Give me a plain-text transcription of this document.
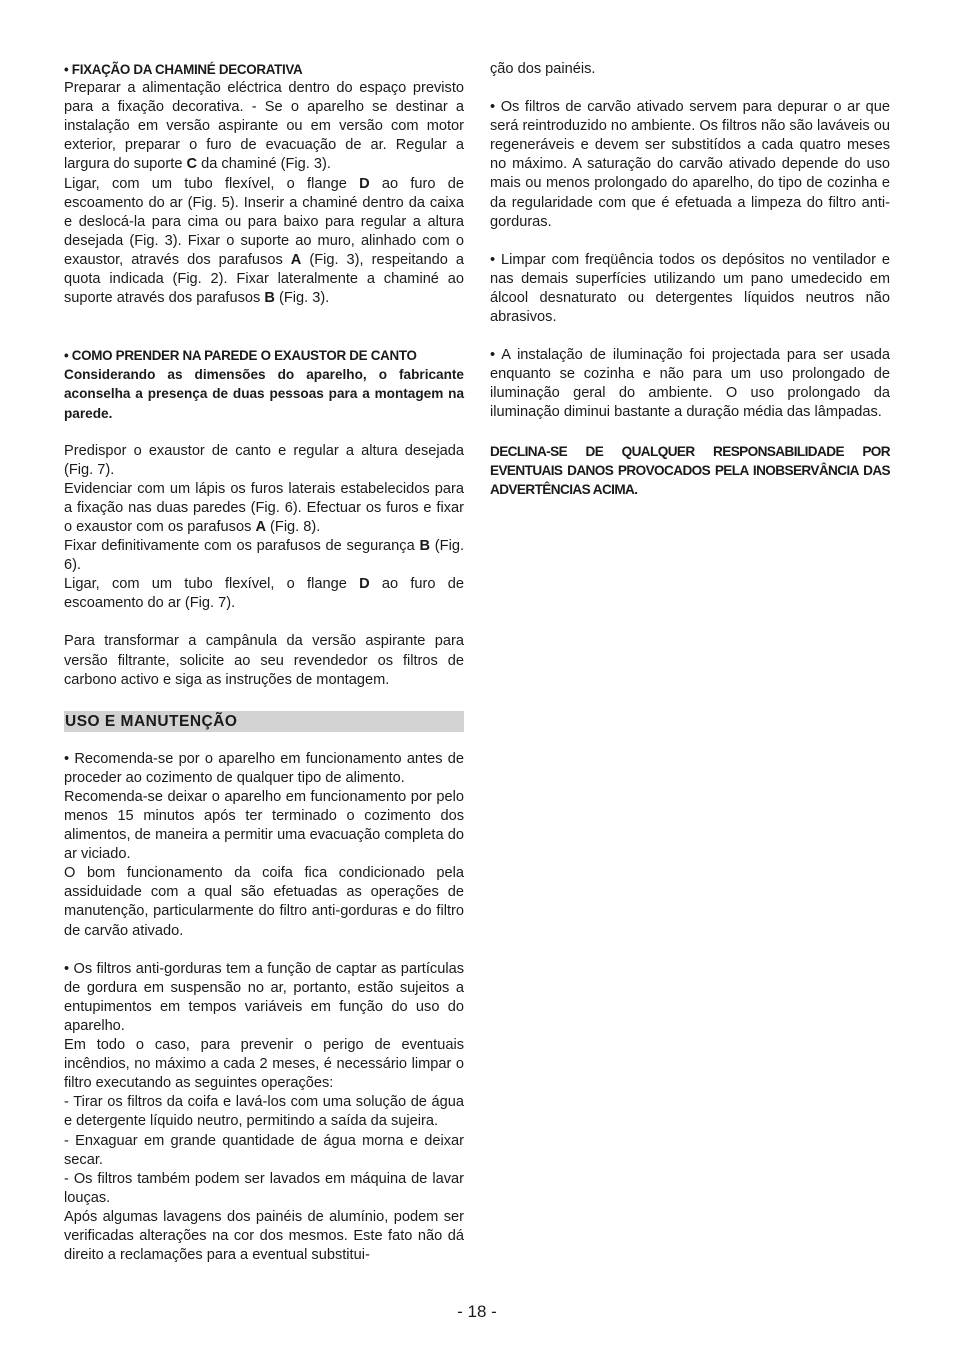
• FIXAÇÃO DA CHAMINÉ DECORATIVA

Preparar a alimentação eléctrica dentro do espaço previsto para a fixação decorativa. - Se o aparelho se destinar a instalação em versão aspirante ou em versão com motor exterior, preparar o furo de evacuação de ar. Regular a largura do suporte C da chaminé (Fig. 3).

Ligar, com um tubo flexível, o flange D ao furo de escoamento do ar (Fig. 5). Inserir a chaminé dentro da caixa e deslocá-la para cima ou para baixo para regular a altura desejada (Fig. 3). Fixar o suporte ao muro, alinhado com o exaustor, através dos parafusos A (Fig. 3), respeitando a quota indicada (Fig. 2). Fixar lateralmente a chaminé ao suporte através dos parafusos B (Fig. 3).

• COMO PRENDER NA PAREDE O EXAUSTOR DE CANTO

Considerando as dimensões do aparelho, o fabricante aconselha a presença de duas pessoas para a montagem na parede.

Predispor o exaustor de canto e regular a altura desejada (Fig. 7).

Evidenciar com um lápis os furos laterais estabelecidos para a fixação nas duas paredes (Fig. 6). Efectuar os furos e fixar o exaustor com os parafusos A (Fig. 8).

Fixar definitivamente com os parafusos de segurança B (Fig. 6).

Ligar, com um tubo flexível, o flange D ao furo de escoamento do ar (Fig. 7).

Para transformar a campânula da versão aspirante para versão filtrante, solicite ao seu revendedor os filtros de carbono activo e siga as instruções de montagem.

USO E MANUTENÇÃO

• Recomenda-se por o aparelho em funcionamento antes de proceder ao cozimento de qualquer tipo de alimento.

Recomenda-se deixar o aparelho em funcionamento por pelo menos 15 minutos após ter terminado o cozimento dos alimentos, de maneira a permitir uma evacuação completa do ar viciado.

O bom funcionamento da coifa fica condicionado pela assiduidade com a qual são efetuadas as operações de manutenção, particularmente do filtro anti-gorduras e do filtro de carvão ativado.

• Os filtros anti-gorduras tem a função de captar as partículas de gordura em suspensão no ar, portanto, estão sujeitos a entupimentos em tempos variáveis em função do uso do aparelho.

Em todo o caso, para prevenir o perigo de eventuais incêndios, no máximo a cada 2 meses, é necessário limpar o filtro executando as seguintes operações:

- Tirar os filtros da coifa e lavá-los com uma solução de água e detergente líquido neutro, permitindo a saída da sujeira.

- Enxaguar em grande quantidade de água morna e deixar secar.

- Os filtros também podem ser lavados em máquina de lavar louças.

Após algumas lavagens dos painéis de alumínio, podem ser verificadas alterações na cor dos mesmos. Este fato não dá direito a reclamações para a eventual substitui-

ção dos painéis.

• Os filtros de carvão ativado servem para depurar o ar que será reintroduzido no ambiente. Os filtros não são laváveis ou regeneráveis e devem ser substitídos a cada quatro meses no máximo. A saturação do carvão ativado depende do uso mais ou menos prolongado do aparelho, do tipo de cozinha e da regularidade com que é efetuada a limpeza do filtro anti-gorduras.

• Limpar com freqüência todos os depósitos no ventilador e nas demais superfícies utilizando um pano umedecido em álcool desnaturato ou detergentes líquidos neutros não abrasivos.

• A instalação de iluminação foi projectada para ser usada enquanto se cozinha e não para um uso prolongado de iluminação geral do ambiente. O uso prolongado da iluminação diminui bastante a duração média das lâmpadas.

DECLINA-SE DE QUALQUER RESPONSABILIDADE POR EVENTUAIS DANOS PROVOCADOS PELA INOBSERVÂNCIA DAS ADVERTÊNCIAS ACIMA.

- 18 -
